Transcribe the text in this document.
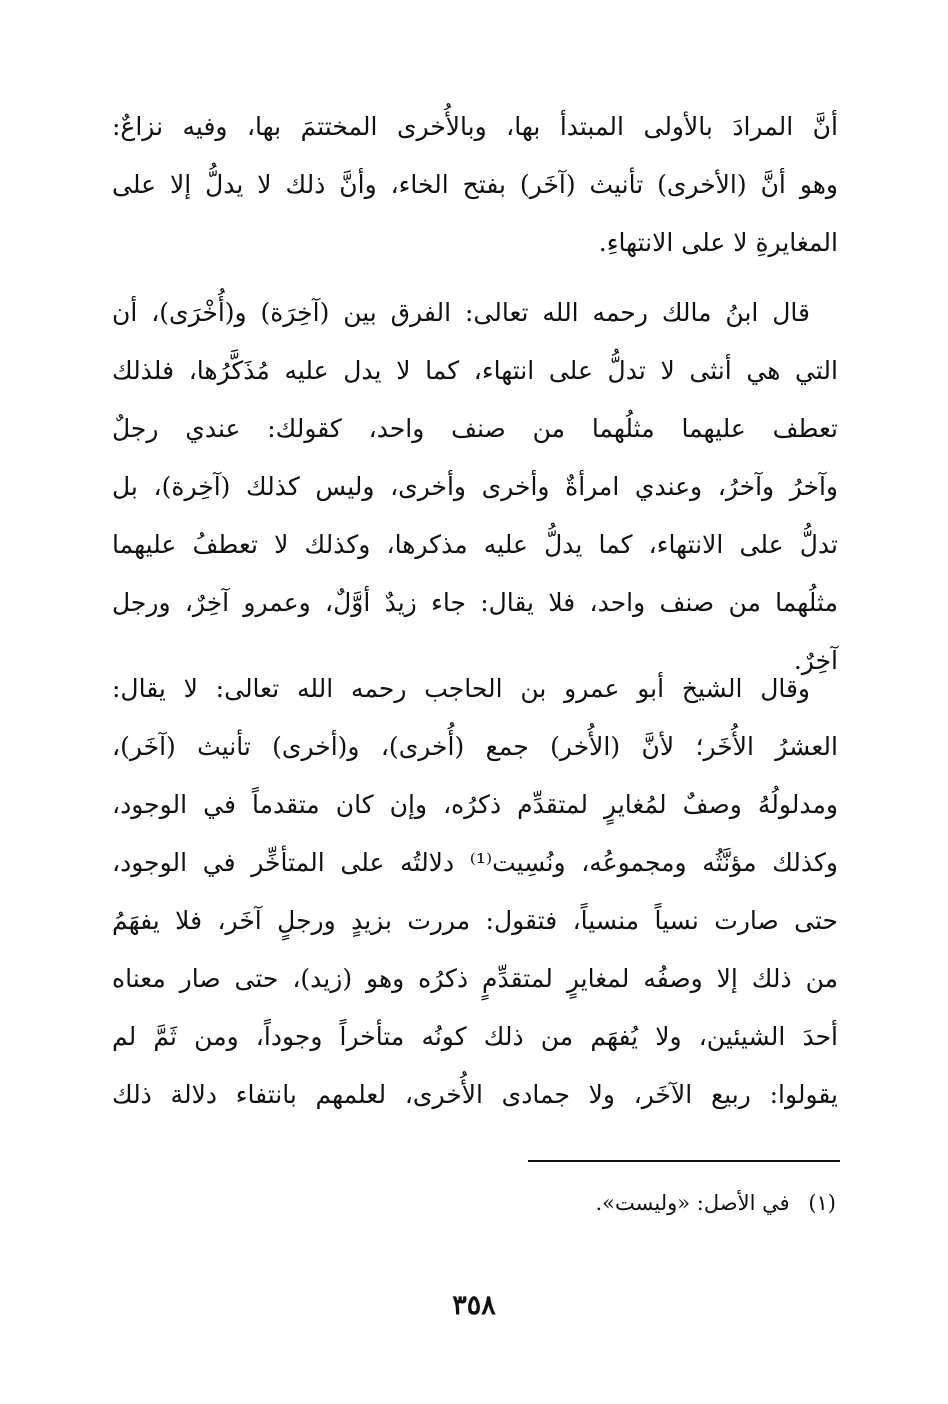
أنَّ المرادَ بالأولى المبتدأ بها، وبالأُخرى المختتمَ بها، وفيه نزاعٌ:
وهو أنَّ (الأخرى) تأنيث (آخَر) بفتح الخاء، وأنَّ ذلك لا يدلُّ إلا على
المغايرةِ لا على الانتهاءِ.
قال ابنُ مالك رحمه الله تعالى: الفرق بين (آخِرَة) و(أُخْرَى)، أن
التي هي أنثى لا تدلُّ على انتهاء، كما لا يدل عليه مُذَكَّرُها، فلذلك
تعطف عليهما مثلُهما من صنف واحد، كقولك: عندي رجلٌ
وآخرُ وآخرُ، وعندي امرأةٌ وأخرى وأخرى، وليس كذلك (آخِرة)، بل
تدلُّ على الانتهاء، كما يدلُّ عليه مذكرها، وكذلك لا تعطفُ عليهما
مثلُهما من صنف واحد، فلا يقال: جاء زيدٌ أوَّلٌ، وعمرو آخِرٌ، ورجل
آخِرٌ.
وقال الشيخ أبو عمرو بن الحاجب رحمه الله تعالى: لا يقال:
العشرُ الأُخَر؛ لأنَّ (الأُخر) جمع (أُخرى)، و(أخرى) تأنيث (آخَر)،
ومدلولُهُ وصفٌ لمُغايرٍ لمتقدِّم ذكرُه، وإن كان متقدماً في الوجود،
وكذلك مؤنَّثُه ومجموعُه، ونُسِيت⁽¹⁾ دلالتُه على المتأخِّر في الوجود،
حتى صارت نسياً منسياً، فتقول: مررت بزيدٍ ورجلٍ آخَر، فلا يفهَمُ
من ذلك إلا وصفُه لمغايرٍ لمتقدِّمٍ ذكرُه وهو (زيد)، حتى صار معناه
أحدَ الشيئين، ولا يُفهَم من ذلك كونُه متأخراً وجوداً، ومن ثَمَّ لم
يقولوا: ربيع الآخَر، ولا جمادى الأُخرى، لعلمهم بانتفاء دلالة ذلك
(١) في الأصل: «وليست».
٣٥٨
